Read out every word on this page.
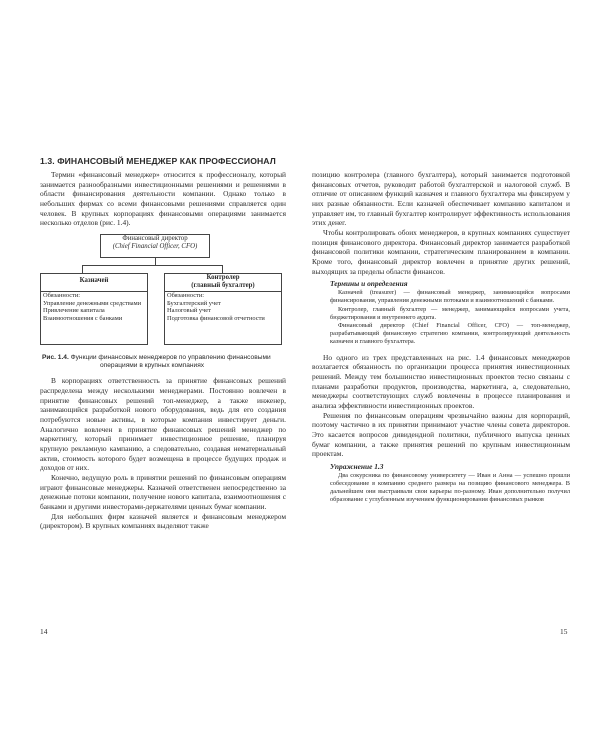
1.3. ФИНАНСОВЫЙ МЕНЕДЖЕР КАК ПРОФЕССИОНАЛ

Термин «финансовый менеджер» относится к профессионалу, который занимается разнообразными инвестиционными решениями и решениями в области финансирования деятельности компании. Однако только в небольших фирмах со всеми финансовыми решениями справляется один человек. В крупных корпорациях финансовыми операциями занимается несколько отделов (рис. 1.4).

Финансовый директор
(Chief Financial Officer, CFO)
Казначей
Обязанности:
Управление денежными средствами
Привлечение капитала
Взаимоотношения с банками
Контролер
(главный бухгалтер)
Обязанности:
Бухгалтерский учет
Налоговый учет
Подготовка финансовой отчетности
Рис. 1.4. Функции финансовых менеджеров по управлению финансовыми
операциями в крупных компаниях

В корпорациях ответственность за принятие финансовых решений распределена между несколькими менеджерами. Постоянно вовлечен в принятие финансовых решений топ-менеджер, а также инженер, занимающийся разработкой нового оборудования, ведь для его создания потребуются новые активы, в которые компания инвестирует деньги. Аналогично вовлечен в принятие финансовых решений менеджер по маркетингу, который принимает инвестиционное решение, планируя крупную рекламную кампанию, а следовательно, создавая нематериальный актив, стоимость которого будет возмещена в процессе будущих продаж и доходов от них.

Конечно, ведущую роль в принятии решений по финансовым операциям играют финансовые менеджеры. Казначей ответственен непосредственно за денежные потоки компании, получение нового капитала, взаимоотношения с банками и другими инвесторами-держателями ценных бумаг компании.

Для небольших фирм казначей является и финансовым менеджером (директором). В крупных компаниях выделяют также

14

позицию контролера (главного бухгалтера), который занимается подготовкой финансовых отчетов, руководит работой бухгалтерской и налоговой служб. В отличие от описанием функций казначея и главного бухгалтера мы фиксируем у них разные обязанности. Если казначей обеспечивает компанию капиталом и управляет им, то главный бухгалтер контролирует эффективность использования этих денег.

Чтобы контролировать обоих менеджеров, в крупных компаниях существует позиция финансового директора. Финансовый директор занимается разработкой финансовой политики компании, стратегическим планированием в компании. Кроме того, финансовый директор вовлечен в принятие других решений, выходящих за пределы области финансов.

Термины и определения

Казначей (treasurer) — финансовый менеджер, занимающийся вопросами финансирования, управления денежными потоками и взаимоотношений с банками.

Контролер, главный бухгалтер — менеджер, занимающийся вопросами учета, бюджетирования и внутреннего аудита.

Финансовый директор (Chief Financial Officer, CFO) — топ-менеджер, разрабатывающий финансовую стратегию компании, контролирующий деятельность казначея и главного бухгалтера.

Но одного из трех представленных на рис. 1.4 финансовых менеджеров возлагается обязанность по организации процесса принятия инвестиционных решений. Между тем большинство инвестиционных проектов тесно связаны с планами разработки продуктов, производства, маркетинга, а, следовательно, менеджеры соответствующих служб вовлечены в процессе планирования и анализа эффективности инвестиционных проектов.

Решения по финансовым операциям чрезвычайно важны для корпораций, поэтому частично в их принятии принимают участие члены совета директоров. Это касается вопросов дивидендной политики, публичного выпуска ценных бумаг компании, а также принятия решений по крупным инвестиционным проектам.

Упражнение 1.3

Два сокурсника по финансовому университету — Иван и Анна — успешно прошли собеседование в компанию среднего размера на позицию финансового менеджера. В дальнейшем они выстраивали свои карьеры по-разному. Иван дополнительно получил образование с углубленным изучением функционирования финансовых рынков

15
